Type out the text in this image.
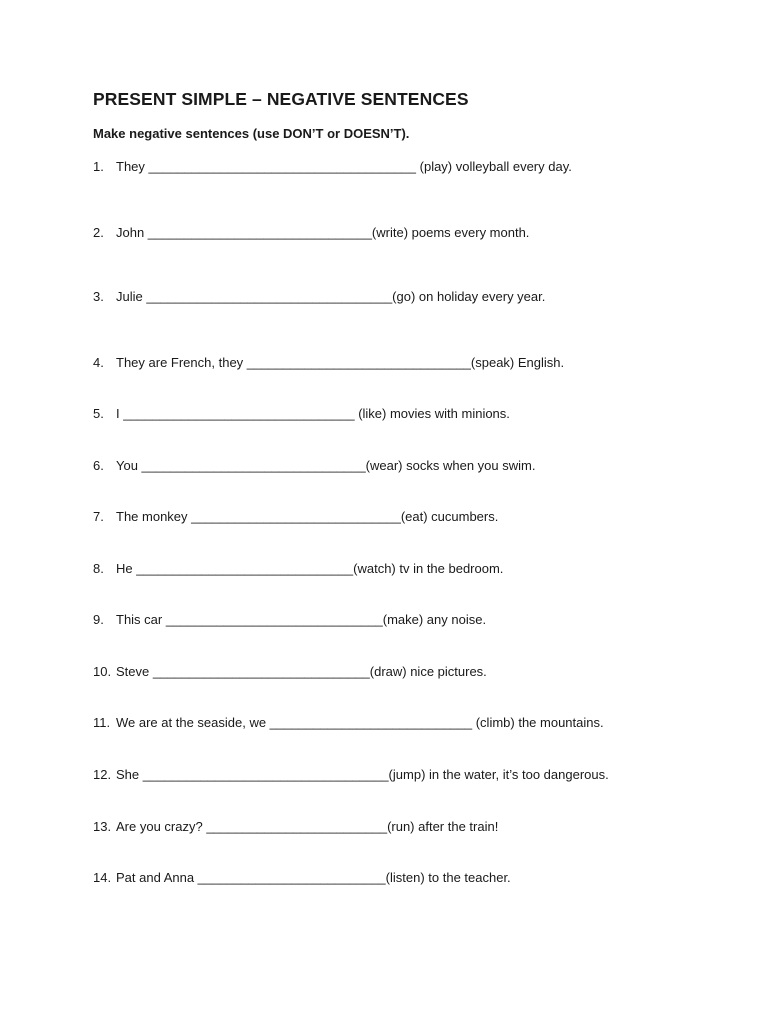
PRESENT SIMPLE – NEGATIVE SENTENCES
Make negative sentences (use DON’T or DOESN’T).
1. They _____________________________________ (play) volleyball every day.
2. John _______________________________(write) poems every month.
3. Julie __________________________________(go) on holiday every year.
4. They are French, they _______________________________(speak) English.
5. I ________________________________ (like) movies with minions.
6. You _______________________________(wear) socks when you swim.
7. The monkey _____________________________(eat) cucumbers.
8. He ______________________________(watch) tv in the bedroom.
9. This car ______________________________(make) any noise.
10. Steve ______________________________(draw) nice pictures.
11. We are at the seaside, we ____________________________ (climb) the mountains.
12. She __________________________________(jump) in the water, it’s too dangerous.
13. Are you crazy? _________________________(run) after the train!
14. Pat and Anna __________________________(listen) to the teacher.
